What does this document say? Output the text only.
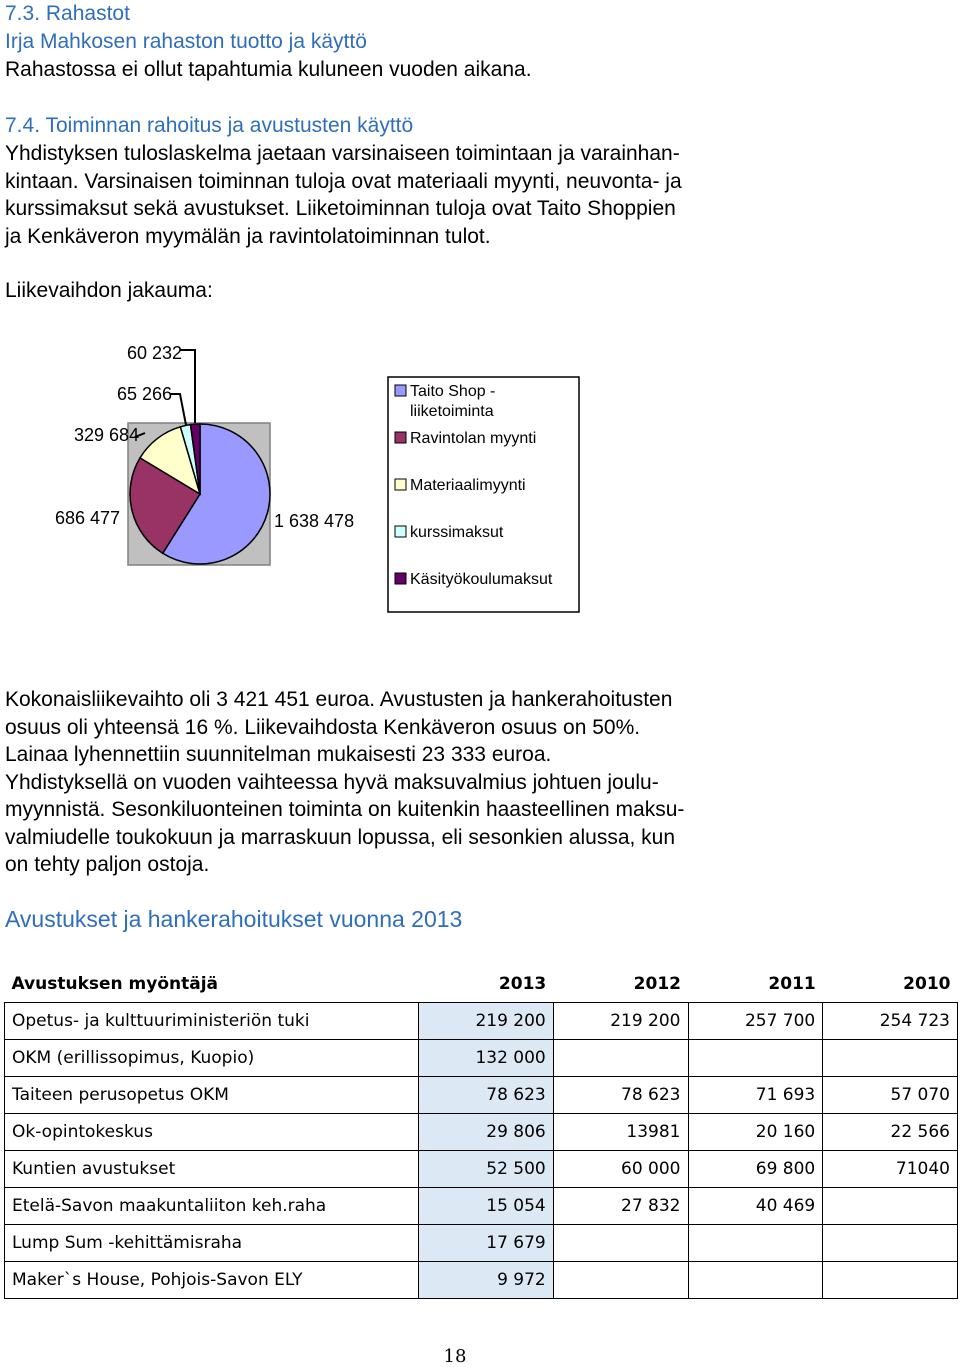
7.3. Rahastot
Irja Mahkosen rahaston tuotto ja käyttö
Rahastossa ei ollut tapahtumia kuluneen vuoden aikana.
7.4. Toiminnan rahoitus ja avustusten käyttö
Yhdistyksen tuloslaskelma jaetaan varsinaiseen toimintaan ja varainhan-
kintaan. Varsinaisen toiminnan tuloja ovat materiaali myynti, neuvonta- ja
kurssimaksut sekä avustukset. Liiketoiminnan tuloja ovat Taito Shoppien
ja Kenkäveron myymälän ja ravintolatoiminnan tulot.
Liikevaihdon jakauma:
1 638 478
686 477
329 684
65 266
60 232
Taito Shop -
liiketoiminta
Ravintolan myynti
Materiaalimyynti
kurssimaksut
Käsityökoulumaksut
Kokonaisliikevaihto oli 3 421 451 euroa. Avustusten ja hankerahoitusten
osuus oli yhteensä 16 %. Liikevaihdosta Kenkäveron osuus on 50%.
Lainaa lyhennettiin suunnitelman mukaisesti 23 333 euroa.
Yhdistyksellä on vuoden vaihteessa hyvä maksuvalmius johtuen joulu-
myynnistä. Sesonkiluonteinen toiminta on kuitenkin haasteellinen maksu-
valmiudelle toukokuun ja marraskuun lopussa, eli sesonkien alussa, kun
on tehty paljon ostoja.
Avustukset ja hankerahoitukset vuonna 2013
Avustuksen myöntäjä	2013	2012	2011	2010
Opetus- ja kulttuuriministeriön tuki	219 200	219 200	257 700	254 723
OKM (erillissopimus, Kuopio)	132 000			
Taiteen perusopetus OKM	78 623	78 623	71 693	57 070
Ok-opintokeskus	29 806	13981	20 160	22 566
Kuntien avustukset	52 500	60 000	69 800	71040
Etelä-Savon maakuntaliiton keh.raha	15 054	27 832	40 469	
Lump Sum -kehittämisraha	17 679			
Maker`s House, Pohjois-Savon ELY	9 972			
18
